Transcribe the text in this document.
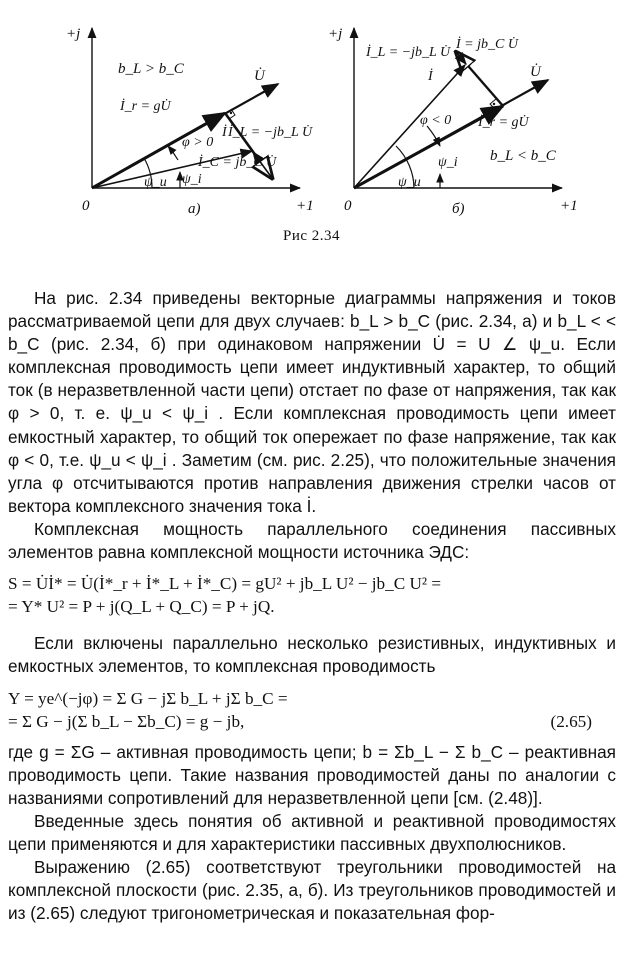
+j
+1
0
b_L > b_C	U̇
İ_r = gU̇
İ_L = −jb_L U̇
İ
İ_C = jb_C U̇
φ > 0
ψ_u ψ_i
а)
+j
+1
U̇
İ_L = −jb_L U̇
İ = jb_C U̇
İ
φ < 0 İ_r = gU̇
ψ_i b_L < b_C
ψ_u
0	б)
Рис 2.34

На рис. 2.34 приведены векторные диаграммы напряжения и токов рассматриваемой цепи для двух случаев: b_L > b_C (рис. 2.34, а) и b_L < < b_C (рис. 2.34, б) при одинаковом напряжении U̇ = U ∠ ψ_u. Если комплексная проводимость цепи имеет индуктивный характер, то общий ток (в неразветвленной части цепи) отстает по фазе от напряжения, так как φ > 0, т. е. ψ_u < ψ_i . Если комплексная проводимость цепи имеет емкостный характер, то общий ток опережает по фазе напряжение, так как φ < 0, т.е. ψ_u < ψ_i . Заметим (см. рис. 2.25), что положительные значения угла φ отсчитываются против направления движения стрелки часов от вектора комплексного значения тока İ.

Комплексная мощность параллельного соединения пассивных элементов равна комплексной мощности источника ЭДС:

S = U̇İ* = U̇(İ*_r + İ*_L + İ*_C) = gU² + jb_L U² − jb_C U² =
= Y* U² = P + j(Q_L + Q_C) = P + jQ.

Если включены параллельно несколько резистивных, индуктивных и емкостных элементов, то комплексная проводимость

Y = ye^(−jφ) = Σ G − jΣ b_L + jΣ b_C =
= Σ G − j(Σ b_L − Σb_C) = g − jb,	(2.65)

где g = ΣG – активная проводимость цепи; b = Σb_L − Σ b_C – реактивная проводимость цепи. Такие названия проводимостей даны по аналогии с названиями сопротивлений для неразветвленной цепи [см. (2.48)].

Введенные здесь понятия об активной и реактивной проводимостях цепи применяются и для характеристики пассивных двухполюсников.

Выражению (2.65) соответствуют треугольники проводимостей на комплексной плоскости (рис. 2.35, а, б). Из треугольников проводимостей и из (2.65) следуют тригонометрическая и показательная фор-
